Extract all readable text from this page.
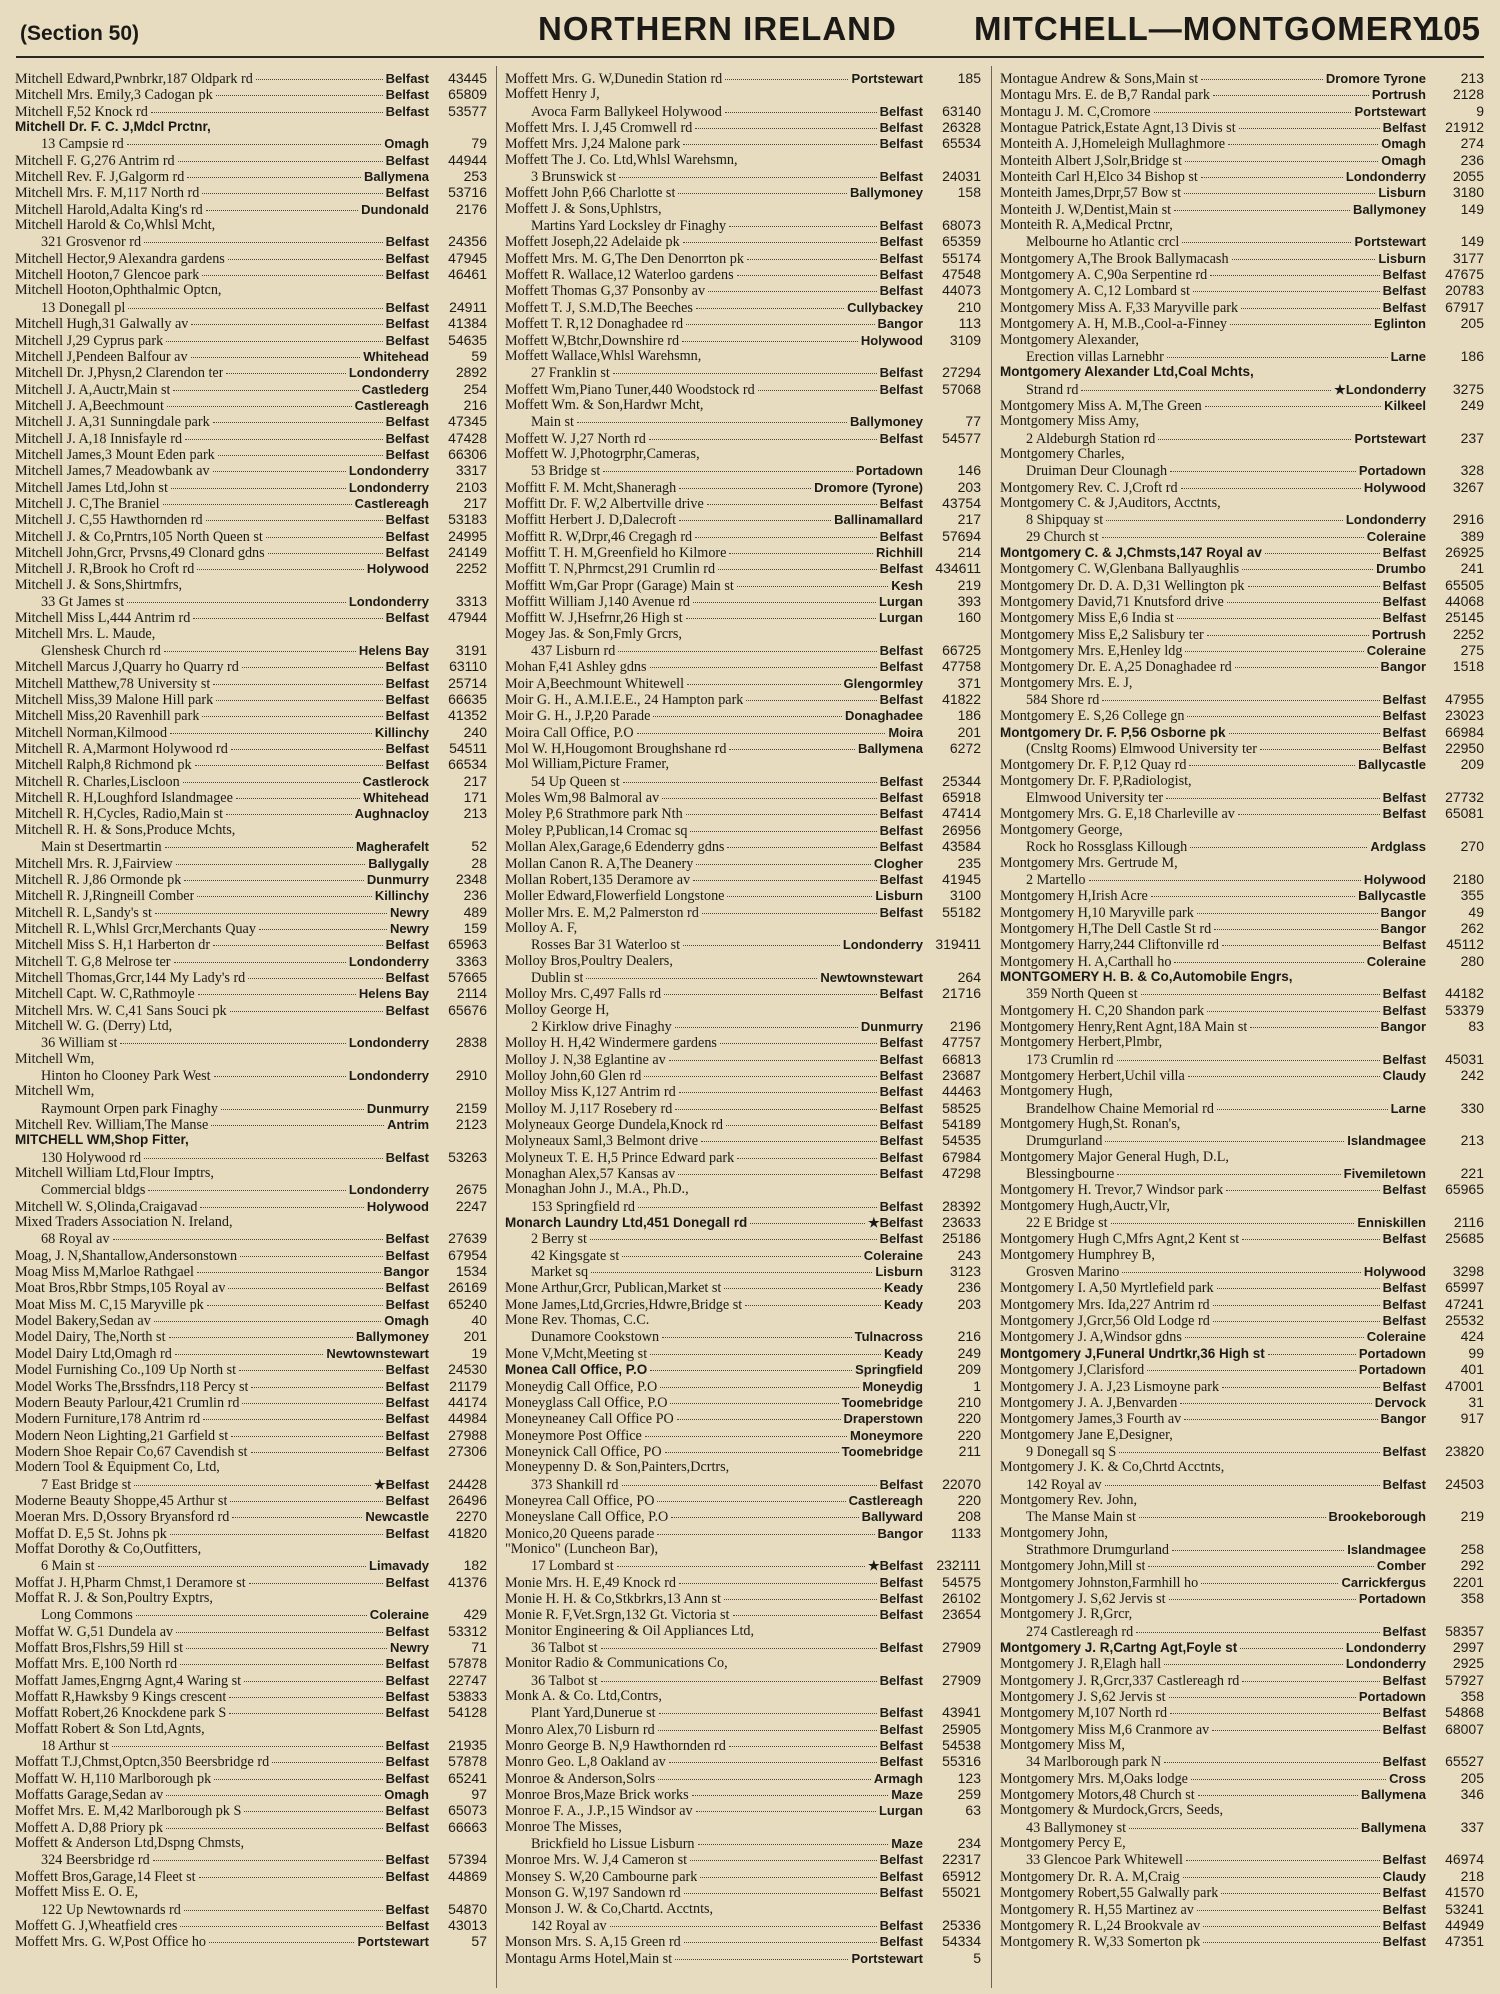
(Section 50)	NORTHERN IRELAND MITCHELL—MONTGOMERY
105
Mitchell Edward,Pwnbrkr,187 Oldpark rd	Belfast	43445
Mitchell Mrs. Emily,3 Cadogan pk	Belfast	65809
Mitchell F,52 Knock rd	Belfast	53577
Mitchell Dr. F. C. J,Mdcl Prctnr,
13 Campsie rd	Omagh	79
Mitchell F. G,276 Antrim rd	Belfast	44944
Mitchell Rev. F. J,Galgorm rd	Ballymena	253
Mitchell Mrs. F. M,117 North rd	Belfast	53716
Mitchell Harold,Adalta King's rd	Dundonald	2176
Mitchell Harold & Co,Whlsl Mcht,
321 Grosvenor rd	Belfast	24356
Mitchell Hector,9 Alexandra gardens	Belfast	47945
Mitchell Hooton,7 Glencoe park	Belfast	46461
Mitchell Hooton,Ophthalmic Optcn,
13 Donegall pl	Belfast	24911
Mitchell Hugh,31 Galwally av	Belfast	41384
Mitchell J,29 Cyprus park	Belfast	54635
Mitchell J,Pendeen Balfour av	Whitehead	59
Mitchell Dr. J,Physn,2 Clarendon ter	Londonderry	2892
Mitchell J. A,Auctr,Main st	Castlederg	254
Mitchell J. A,Beechmount	Castlereagh	216
Mitchell J. A,31 Sunningdale park	Belfast	47345
Mitchell J. A,18 Innisfayle rd	Belfast	47428
Mitchell James,3 Mount Eden park	Belfast	66306
Mitchell James,7 Meadowbank av	Londonderry	3317
Mitchell James Ltd,John st	Londonderry	2103
Mitchell J. C,The Braniel	Castlereagh	217
Mitchell J. C,55 Hawthornden rd	Belfast	53183
Mitchell J. & Co,Prntrs,105 North Queen st	Belfast	24995
Mitchell John,Grcr, Prvsns,49 Clonard gdns	Belfast	24149
Mitchell J. R,Brook ho Croft rd	Holywood	2252
Mitchell J. & Sons,Shirtmfrs,
33 Gt James st	Londonderry	3313
Mitchell Miss L,444 Antrim rd	Belfast	47944
Mitchell Mrs. L. Maude,
Glenshesk Church rd	Helens Bay	3191
Mitchell Marcus J,Quarry ho Quarry rd	Belfast	63110
Mitchell Matthew,78 University st	Belfast	25714
Mitchell Miss,39 Malone Hill park	Belfast	66635
Mitchell Miss,20 Ravenhill park	Belfast	41352
Mitchell Norman,Kilmood	Killinchy	240
Mitchell R. A,Marmont Holywood rd	Belfast	54511
Mitchell Ralph,8 Richmond pk	Belfast	66534
Mitchell R. Charles,Liscloon	Castlerock	217
Mitchell R. H,Loughford Islandmagee	Whitehead	171
Mitchell R. H,Cycles, Radio,Main st	Aughnacloy	213
Mitchell R. H. & Sons,Produce Mchts,
Main st Desertmartin	Magherafelt	52
Mitchell Mrs. R. J,Fairview	Ballygally	28
Mitchell R. J,86 Ormonde pk	Dunmurry	2348
Mitchell R. J,Ringneill Comber	Killinchy	236
Mitchell R. L,Sandy's st	Newry	489
Mitchell R. L,Whlsl Grcr,Merchants Quay	Newry	159
Mitchell Miss S. H,1 Harberton dr	Belfast	65963
Mitchell T. G,8 Melrose ter	Londonderry	3363
Mitchell Thomas,Grcr,144 My Lady's rd	Belfast	57665
Mitchell Capt. W. C,Rathmoyle	Helens Bay	2114
Mitchell Mrs. W. C,41 Sans Souci pk	Belfast	65676
Mitchell W. G. (Derry) Ltd,
36 William st	Londonderry	2838
Mitchell Wm,
Hinton ho Clooney Park West	Londonderry	2910
Mitchell Wm,
Raymount Orpen park Finaghy	Dunmurry	2159
Mitchell Rev. William,The Manse	Antrim	2123
MITCHELL WM,Shop Fitter,
130 Holywood rd	Belfast	53263
Mitchell William Ltd,Flour Imptrs,
Commercial bldgs	Londonderry	2675
Mitchell W. S,Olinda,Craigavad	Holywood	2247
Mixed Traders Association N. Ireland,
68 Royal av	Belfast	27639
Moag, J. N,Shantallow,Andersonstown	Belfast	67954
Moag Miss M,Marloe Rathgael	Bangor	1534
Moat Bros,Rbbr Stmps,105 Royal av	Belfast	26169
Moat Miss M. C,15 Maryville pk	Belfast	65240
Model Bakery,Sedan av	Omagh	40
Model Dairy, The,North st	Ballymoney	201
Model Dairy Ltd,Omagh rd	Newtownstewart	19
Model Furnishing Co.,109 Up North st	Belfast	24530
Model Works The,Brssfndrs,118 Percy st	Belfast	21179
Modern Beauty Parlour,421 Crumlin rd	Belfast	44174
Modern Furniture,178 Antrim rd	Belfast	44984
Modern Neon Lighting,21 Garfield st	Belfast	27988
Modern Shoe Repair Co,67 Cavendish st	Belfast	27306
Modern Tool & Equipment Co, Ltd,
7 East Bridge st	★Belfast	24428
Moderne Beauty Shoppe,45 Arthur st	Belfast	26496
Moeran Mrs. D,Ossory Bryansford rd	Newcastle	2270
Moffat D. E,5 St. Johns pk	Belfast	41820
Moffat Dorothy & Co,Outfitters,
6 Main st	Limavady	182
Moffat J. H,Pharm Chmst,1 Deramore st	Belfast	41376
Moffat R. J. & Son,Poultry Exptrs,
Long Commons	Coleraine	429
Moffat W. G,51 Dundela av	Belfast	53312
Moffatt Bros,Flshrs,59 Hill st	Newry	71
Moffatt Mrs. E,100 North rd	Belfast	57878
Moffatt James,Engrng Agnt,4 Waring st	Belfast	22747
Moffatt R,Hawksby 9 Kings crescent	Belfast	53833
Moffatt Robert,26 Knockdene park S	Belfast	54128
Moffatt Robert & Son Ltd,Agnts,
18 Arthur st	Belfast	21935
Moffatt T.J,Chmst,Optcn,350 Beersbridge rd	Belfast	57878
Moffatt W. H,110 Marlborough pk	Belfast	65241
Moffatts Garage,Sedan av	Omagh	97
Moffet Mrs. E. M,42 Marlborough pk S	Belfast	65073
Moffett A. D,88 Priory pk	Belfast	66663
Moffett & Anderson Ltd,Dspng Chmsts,
324 Beersbridge rd	Belfast	57394
Moffett Bros,Garage,14 Fleet st	Belfast	44869
Moffett Miss E. O. E,
122 Up Newtownards rd	Belfast	54870
Moffett G. J,Wheatfield cres	Belfast	43013
Moffett Mrs. G. W,Post Office ho	Portstewart	57
Moffett Mrs. G. W,Dunedin Station rd	Portstewart	185
Moffett Henry J,
Avoca Farm Ballykeel Holywood	Belfast	63140
Moffett Mrs. I. J,45 Cromwell rd	Belfast	26328
Moffett Mrs. J,24 Malone park	Belfast	65534
Moffett The J. Co. Ltd,Whlsl Warehsmn,
3 Brunswick st	Belfast	24031
Moffett John P,66 Charlotte st	Ballymoney	158
Moffett J. & Sons,Uphlstrs,
Martins Yard Locksley dr Finaghy	Belfast	68073
Moffett Joseph,22 Adelaide pk	Belfast	65359
Moffett Mrs. M. G,The Den Denorrton pk	Belfast	55174
Moffett R. Wallace,12 Waterloo gardens	Belfast	47548
Moffett Thomas G,37 Ponsonby av	Belfast	44073
Moffett T. J, S.M.D,The Beeches	Cullybackey	210
Moffett T. R,12 Donaghadee rd	Bangor	113
Moffett W,Btchr,Downshire rd	Holywood	3109
Moffett Wallace,Whlsl Warehsmn,
27 Franklin st	Belfast	27294
Moffett Wm,Piano Tuner,440 Woodstock rd	Belfast	57068
Moffett Wm. & Son,Hardwr Mcht,
Main st	Ballymoney	77
Moffett W. J,27 North rd	Belfast	54577
Moffett W. J,Photogrphr,Cameras,
53 Bridge st	Portadown	146
Moffitt F. M. Mcht,Shaneragh	Dromore (Tyrone)	203
Moffitt Dr. F. W,2 Albertville drive	Belfast	43754
Moffitt Herbert J. D,Dalecroft	Ballinamallard	217
Moffitt R. W,Drpr,46 Cregagh rd	Belfast	57694
Moffitt T. H. M,Greenfield ho Kilmore	Richhill	214
Moffitt T. N,Phrmcst,291 Crumlin rd	Belfast 434611
Moffitt Wm,Gar Propr (Garage) Main st	Kesh	219
Moffitt William J,140 Avenue rd	Lurgan	393
Moffitt W. J,Hsefrnr,26 High st	Lurgan	160
Mogey Jas. & Son,Fmly Grcrs,
437 Lisburn rd	Belfast	66725
Mohan F,41 Ashley gdns	Belfast	47758
Moir A,Beechmount Whitewell	Glengormley	371
Moir G. H., A.M.I.E.E., 24 Hampton park	Belfast	41822
Moir G. H., J.P,20 Parade	Donaghadee	186
Moira Call Office, P.O	Moira	201
Mol W. H,Hougomont Broughshane rd	Ballymena	6272
Mol William,Picture Framer,
54 Up Queen st	Belfast	25344
Moles Wm,98 Balmoral av	Belfast	65918
Moley P,6 Strathmore park Nth	Belfast	47414
Moley P,Publican,14 Cromac sq	Belfast	26956
Mollan Alex,Garage,6 Edenderry gdns	Belfast	43584
Mollan Canon R. A,The Deanery	Clogher	235
Mollan Robert,135 Deramore av	Belfast	41945
Moller Edward,Flowerfield Longstone	Lisburn	3100
Moller Mrs. E. M,2 Palmerston rd	Belfast	55182
Molloy A. F,
Rosses Bar 31 Waterloo st	Londonderry 319411
Molloy Bros,Poultry Dealers,
Dublin st	Newtownstewart	264
Molloy Mrs. C,497 Falls rd	Belfast	21716
Molloy George H,
2 Kirklow drive Finaghy	Dunmurry	2196
Molloy H. H,42 Windermere gardens	Belfast	47757
Molloy J. N,38 Eglantine av	Belfast	66813
Molloy John,60 Glen rd	Belfast	23687
Molloy Miss K,127 Antrim rd	Belfast	44463
Molloy M. J,117 Rosebery rd	Belfast	58525
Molyneaux George Dundela,Knock rd	Belfast	54189
Molyneaux Saml,3 Belmont drive	Belfast	54535
Molyneux T. E. H,5 Prince Edward park	Belfast	67984
Monaghan Alex,57 Kansas av	Belfast	47298
Monaghan John J., M.A., Ph.D.,
153 Springfield rd	Belfast	28392
Monarch Laundry Ltd,451 Donegall rd	★Belfast	23633
2 Berry st	Belfast	25186
42 Kingsgate st	Coleraine	243
Market sq	Lisburn	3123
Mone Arthur,Grcr, Publican,Market st	Keady	236
Mone James,Ltd,Grcries,Hdwre,Bridge st	Keady	203
Mone Rev. Thomas, C.C.
Dunamore Cookstown	Tulnacross	216
Mone V,Mcht,Meeting st	Keady	249
Monea Call Office, P.O	Springfield	209
Moneydig Call Office, P.O	Moneydig	1
Moneyglass Call Office, P.O	Toomebridge	210
Moneyneaney Call Office PO	Draperstown	220
Moneymore Post Office	Moneymore	220
Moneynick Call Office, PO	Toomebridge	211
Moneypenny D. & Son,Painters,Dcrtrs,
373 Shankill rd	Belfast	22070
Moneyrea Call Office, PO	Castlereagh	220
Moneyslane Call Office, P.O	Ballyward	208
Monico,20 Queens parade	Bangor	1133
"Monico" (Luncheon Bar),
17 Lombard st	★Belfast 232111
Monie Mrs. H. E,49 Knock rd	Belfast	54575
Monie H. H. & Co,Stkbrkrs,13 Ann st	Belfast	26102
Monie R. F,Vet.Srgn,132 Gt. Victoria st	Belfast	23654
Monitor Engineering & Oil Appliances Ltd,
36 Talbot st	Belfast	27909
Monitor Radio & Communications Co,
36 Talbot st	Belfast	27909
Monk A. & Co. Ltd,Contrs,
Plant Yard,Dunerue st	Belfast	43941
Monro Alex,70 Lisburn rd	Belfast	25905
Monro George B. N,9 Hawthornden rd	Belfast	54538
Monro Geo. L,8 Oakland av	Belfast	55316
Monroe & Anderson,Solrs	Armagh	123
Monroe Bros,Maze Brick works	Maze	259
Monroe F. A., J.P.,15 Windsor av	Lurgan	63
Monroe The Misses,
Brickfield ho Lissue Lisburn	Maze	234
Monroe Mrs. W. J,4 Cameron st	Belfast	22317
Monsey S. W,20 Cambourne park	Belfast	65912
Monson G. W,197 Sandown rd	Belfast	55021
Monson J. W. & Co,Chartd. Acctnts,
142 Royal av	Belfast	25336
Monson Mrs. S. A,15 Green rd	Belfast	54334
Montagu Arms Hotel,Main st	Portstewart	5
Montague Andrew & Sons,Main st	Dromore Tyrone	213
Montagu Mrs. E. de B,7 Randal park	Portrush	2128
Montagu J. M. C,Cromore	Portstewart	9
Montague Patrick,Estate Agnt,13 Divis st	Belfast	21912
Monteith A. J,Homeleigh Mullaghmore	Omagh	274
Monteith Albert J,Solr,Bridge st	Omagh	236
Monteith Carl H,Elco 34 Bishop st	Londonderry	2055
Monteith James,Drpr,57 Bow st	Lisburn	3180
Monteith J. W,Dentist,Main st	Ballymoney	149
Monteith R. A,Medical Prctnr,
Melbourne ho Atlantic crcl	Portstewart	149
Montgomery A,The Brook Ballymacash	Lisburn	3177
Montgomery A. C,90a Serpentine rd	Belfast	47675
Montgomery A. C,12 Lombard st	Belfast	20783
Montgomery Miss A. F,33 Maryville park	Belfast	67917
Montgomery A. H, M.B.,Cool-a-Finney	Eglinton	205
Montgomery Alexander,
Erection villas Larnebhr	Larne	186
Montgomery Alexander Ltd,Coal Mchts,
Strand rd	★Londonderry	3275
Montgomery Miss A. M,The Green	Kilkeel	249
Montgomery Miss Amy,
2 Aldeburgh Station rd	Portstewart	237
Montgomery Charles,
Druiman Deur Clounagh	Portadown	328
Montgomery Rev. C. J,Croft rd	Holywood	3267
Montgomery C. & J,Auditors, Acctnts,
8 Shipquay st	Londonderry	2916
29 Church st	Coleraine	389
Montgomery C. & J,Chmsts,147 Royal av	Belfast	26925
Montgomery C. W,Glenbana Ballyaughlis	Drumbo	241
Montgomery Dr. D. A. D,31 Wellington pk	Belfast	65505
Montgomery David,71 Knutsford drive	Belfast	44068
Montgomery Miss E,6 India st	Belfast	25145
Montgomery Miss E,2 Salisbury ter	Portrush	2252
Montgomery Mrs. E,Henley ldg	Coleraine	275
Montgomery Dr. E. A,25 Donaghadee rd	Bangor	1518
Montgomery Mrs. E. J,
584 Shore rd	Belfast	47955
Montgomery E. S,26 College gn	Belfast	23023
Montgomery Dr. F. P,56 Osborne pk	Belfast	66984
(Cnsltg Rooms) Elmwood University ter	Belfast	22950
Montgomery Dr. F. P,12 Quay rd	Ballycastle	209
Montgomery Dr. F. P,Radiologist,
Elmwood University ter	Belfast	27732
Montgomery Mrs. G. E,18 Charleville av	Belfast	65081
Montgomery George,
Rock ho Rossglass Killough	Ardglass	270
Montgomery Mrs. Gertrude M,
2 Martello	Holywood	2180
Montgomery H,Irish Acre	Ballycastle	355
Montgomery H,10 Maryville park	Bangor	49
Montgomery H,The Dell Castle St rd	Bangor	262
Montgomery Harry,244 Cliftonville rd	Belfast	45112
Montgomery H. A,Carthall ho	Coleraine	280
MONTGOMERY H. B. & Co,Automobile Engrs,
359 North Queen st	Belfast	44182
Montgomery H. C,20 Shandon park	Belfast	53379
Montgomery Henry,Rent Agnt,18A Main st	Bangor	83
Montgomery Herbert,Plmbr,
173 Crumlin rd	Belfast	45031
Montgomery Herbert,Uchil villa	Claudy	242
Montgomery Hugh,
Brandelhow Chaine Memorial rd	Larne	330
Montgomery Hugh,St. Ronan's,
Drumgurland	Islandmagee	213
Montgomery Major General Hugh, D.L,
Blessingbourne	Fivemiletown	221
Montgomery H. Trevor,7 Windsor park	Belfast	65965
Montgomery Hugh,Auctr,Vlr,
22 E Bridge st	Enniskillen	2116
Montgomery Hugh C,Mfrs Agnt,2 Kent st	Belfast	25685
Montgomery Humphrey B,
Grosven Marino	Holywood	3298
Montgomery I. A,50 Myrtlefield park	Belfast	65997
Montgomery Mrs. Ida,227 Antrim rd	Belfast	47241
Montgomery J,Grcr,56 Old Lodge rd	Belfast	25532
Montgomery J. A,Windsor gdns	Coleraine	424
Montgomery J,Funeral Undrtkr,36 High st	Portadown	99
Montgomery J,Clarisford	Portadown	401
Montgomery J. A. J,23 Lismoyne park	Belfast	47001
Montgomery J. A. J,Benvarden	Dervock	31
Montgomery James,3 Fourth av	Bangor	917
Montgomery Jane E,Designer,
9 Donegall sq S	Belfast	23820
Montgomery J. K. & Co,Chrtd Acctnts,
142 Royal av	Belfast	24503
Montgomery Rev. John,
The Manse Main st	Brookeborough	219
Montgomery John,
Strathmore Drumgurland	Islandmagee	258
Montgomery John,Mill st	Comber	292
Montgomery Johnston,Farmhill ho	Carrickfergus	2201
Montgomery J. S,62 Jervis st	Portadown	358
Montgomery J. R,Grcr,
274 Castlereagh rd	Belfast	58357
Montgomery J. R,Cartng Agt,Foyle st	Londonderry	2997
Montgomery J. R,Elagh hall	Londonderry	2925
Montgomery J. R,Grcr,337 Castlereagh rd	Belfast	57927
Montgomery J. S,62 Jervis st	Portadown	358
Montgomery M,107 North rd	Belfast	54868
Montgomery Miss M,6 Cranmore av	Belfast	68007
Montgomery Miss M,
34 Marlborough park N	Belfast	65527
Montgomery Mrs. M,Oaks lodge	Cross	205
Montgomery Motors,48 Church st	Ballymena	346
Montgomery & Murdock,Grcrs, Seeds,
43 Ballymoney st	Ballymena	337
Montgomery Percy E,
33 Glencoe Park Whitewell	Belfast	46974
Montgomery Dr. R. A. M,Craig	Claudy	218
Montgomery Robert,55 Galwally park	Belfast	41570
Montgomery R. H,55 Martinez av	Belfast	53241
Montgomery R. L,24 Brookvale av	Belfast	44949
Montgomery R. W,33 Somerton pk	Belfast	47351
